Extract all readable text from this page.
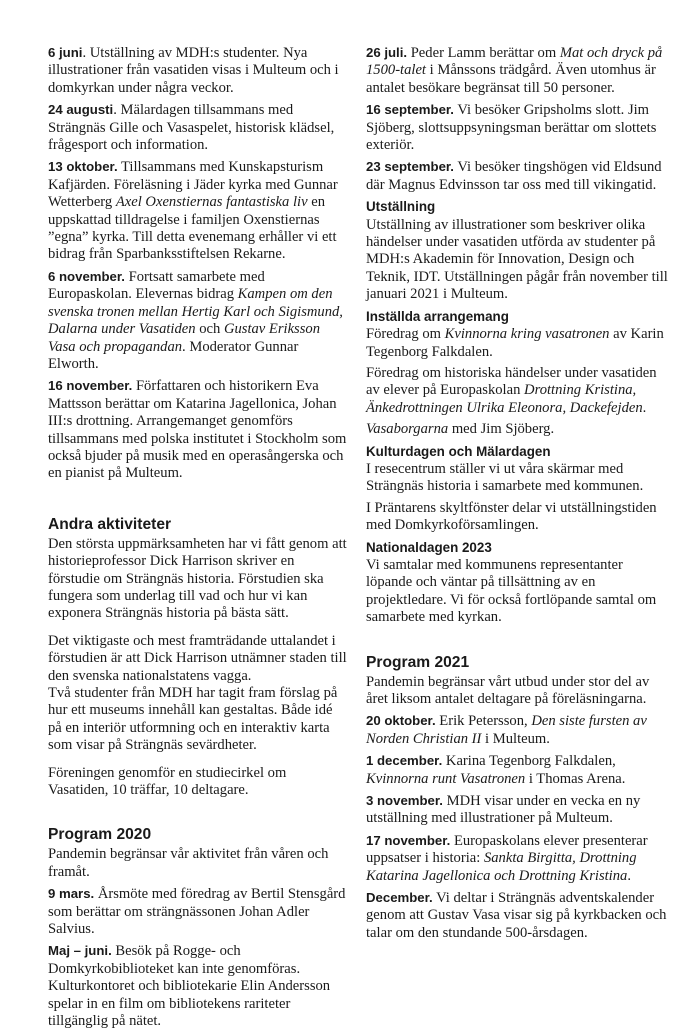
6 juni. Utställning av MDH:s studenter. Nya illustrationer från vasatiden visas i Multeum och i domkyrkan under några veckor.

24 augusti. Mälardagen tillsammans med Strängnäs Gille och Vasaspelet, historisk klädsel, frågesport och information.

13 oktober. Tillsammans med Kunskapsturism Kafjärden. Föreläsning i Jäder kyrka med Gunnar Wetterberg Axel Oxenstiernas fantastiska liv en uppskattad tilldragelse i familjen Oxenstiernas ”egna” kyrka. Till detta evenemang erhåller vi ett bidrag från Sparbanksstiftelsen Rekarne.

6 november. Fortsatt samarbete med Europaskolan. Elevernas bidrag Kampen om den svenska tronen mellan Hertig Karl och Sigismund, Dalarna under Vasatiden och Gustav Eriksson Vasa och propagandan. Moderator Gunnar Elworth.

16 november. Författaren och historikern Eva Mattsson berättar om Katarina Jagellonica, Johan III:s drottning. Arrangemanget genomförs tillsammans med polska institutet i Stockholm som också bjuder på musik med en operasångerska och en pianist på Multeum.

Andra aktiviteter

Den största uppmärksamheten har vi fått genom att historieprofessor Dick Harrison skriver en förstudie om Strängnäs historia. Förstudien ska fungera som underlag till vad och hur vi kan exponera Strängnäs historia på bästa sätt.

Det viktigaste och mest framträdande uttalandet i förstudien är att Dick Harrison utnämner staden till den svenska nationalstatens vagga.

Två studenter från MDH har tagit fram förslag på hur ett museums innehåll kan gestaltas. Både idé på en interiör utformning och en interaktiv karta som visar på Strängnäs sevärdheter.

Föreningen genomför en studiecirkel om Vasatiden, 10 träffar, 10 deltagare.

Program 2020

Pandemin begränsar vår aktivitet från våren och framåt.

9 mars. Årsmöte med föredrag av Bertil Stensgård som berättar om strängnässonen Johan Adler Salvius.

Maj – juni. Besök på Rogge- och Domkyrkobiblioteket kan inte genomföras. Kulturkontoret och bibliotekarie Elin Andersson spelar in en film om bibliotekens rariteter tillgänglig på nätet.

26 juli. Peder Lamm berättar om Mat och dryck på 1500-talet i Månssons trädgård. Även utomhus är antalet besökare begränsat till 50 personer.

16 september. Vi besöker Gripsholms slott. Jim Sjöberg, slottsuppsyningsman berättar om slottets exteriör.

23 september. Vi besöker tingshögen vid Eldsund där Magnus Edvinsson tar oss med till vikingatid.

Utställning

Utställning av illustrationer som beskriver olika händelser under vasatiden utförda av studenter på MDH:s Akademin för Innovation, Design och Teknik, IDT. Utställningen pågår från november till januari 2021 i Multeum.

Inställda arrangemang

Föredrag om Kvinnorna kring vasatronen av Karin Tegenborg Falkdalen.

Föredrag om historiska händelser under vasatiden av elever på Europaskolan Drottning Kristina, Änkedrottningen Ulrika Eleonora, Dackefejden.

Vasaborgarna med Jim Sjöberg.

Kulturdagen och Mälardagen

I resecentrum ställer vi ut våra skärmar med Strängnäs historia i samarbete med kommunen.

I Präntarens skyltfönster delar vi utställningstiden med Domkyrkoförsamlingen.

Nationaldagen 2023

Vi samtalar med kommunens representanter löpande och väntar på tillsättning av en projektledare. Vi för också fortlöpande samtal om samarbete med kyrkan.

Program 2021

Pandemin begränsar vårt utbud under stor del av året liksom antalet deltagare på föreläsningarna.

20 oktober. Erik Petersson, Den siste fursten av Norden Christian II i Multeum.

1 december. Karina Tegenborg Falkdalen, Kvinnorna runt Vasatronen i Thomas Arena.

3 november. MDH visar under en vecka en ny utställning med illustrationer på Multeum.

17 november. Europaskolans elever presenterar uppsatser i historia: Sankta Birgitta, Drottning Katarina Jagellonica och Drottning Kristina.

December. Vi deltar i Strängnäs adventskalender genom att Gustav Vasa visar sig på kyrkbacken och talar om den stundande 500-årsdagen.
